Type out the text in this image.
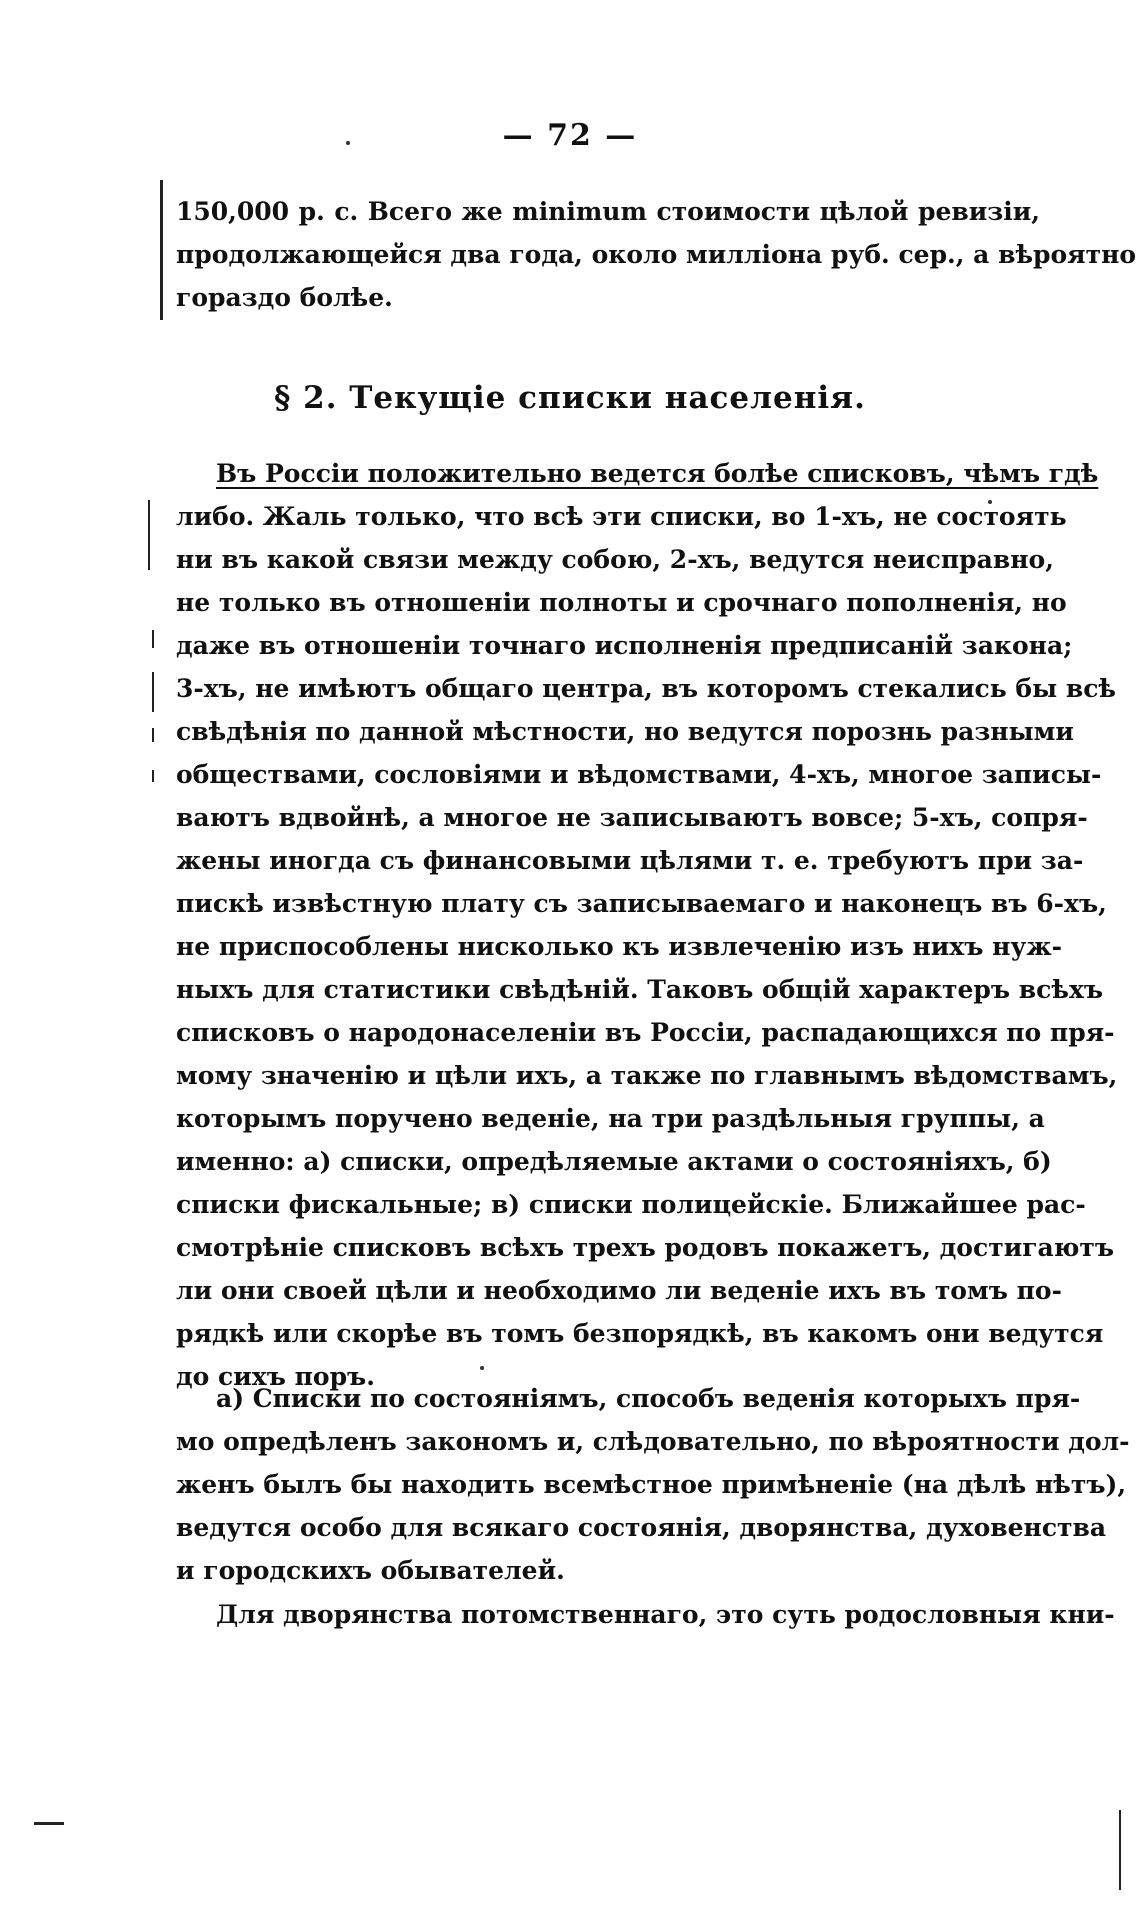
— 72 —
150,000 р. с. Всего же minimum стоимости цѣлой ревизіи,
продолжающейся два года, около милліона руб. сер., а вѣроятно
гораздо болѣе.
§ 2. Текущіе списки населенія.
Въ Россіи положительно ведется болѣе списковъ, чѣмъ гдѣ
либо. Жаль только, что всѣ эти списки, во 1-хъ, не состоять
ни въ какой связи между собою, 2-хъ, ведутся неисправно,
не только въ отношеніи полноты и срочнаго пополненія, но
даже въ отношеніи точнаго исполненія предписаній закона;
3-хъ, не имѣютъ общаго центра, въ которомъ стекались бы всѣ
свѣдѣнія по данной мѣстности, но ведутся порознь разными
обществами, сословіями и вѣдомствами, 4-хъ, многое записы-
ваютъ вдвойнѣ, а многое не записываютъ вовсе; 5-хъ, сопря-
жены иногда съ финансовыми цѣлями т. е. требуютъ при за-
пискѣ извѣстную плату съ записываемаго и наконецъ въ 6-хъ,
не приспособлены нисколько къ извлеченію изъ нихъ нуж-
ныхъ для статистики свѣдѣній. Таковъ общій характеръ всѣхъ
списковъ о народонаселеніи въ Россіи, распадающихся по пря-
мому значенію и цѣли ихъ, а также по главнымъ вѣдомствамъ,
которымъ поручено веденіе, на три раздѣльныя группы, а
именно: а) списки, опредѣляемые актами о состояніяхъ, б)
списки фискальные; в) списки полицейскіе. Ближайшее рас-
смотрѣніе списковъ всѣхъ трехъ родовъ покажетъ, достигаютъ
ли они своей цѣли и необходимо ли веденіе ихъ въ томъ по-
рядкѣ или скорѣе въ томъ безпорядкѣ, въ какомъ они ведутся
до сихъ поръ.
а) Списки по состояніямъ, способъ веденія которыхъ пря-
мо опредѣленъ закономъ и, слѣдовательно, по вѣроятности дол-
женъ былъ бы находить всемѣстное примѣненіе (на дѣлѣ нѣтъ),
ведутся особо для всякаго состоянія, дворянства, духовенства
и городскихъ обывателей.
Для дворянства потомственнаго, это суть родословныя кни-
